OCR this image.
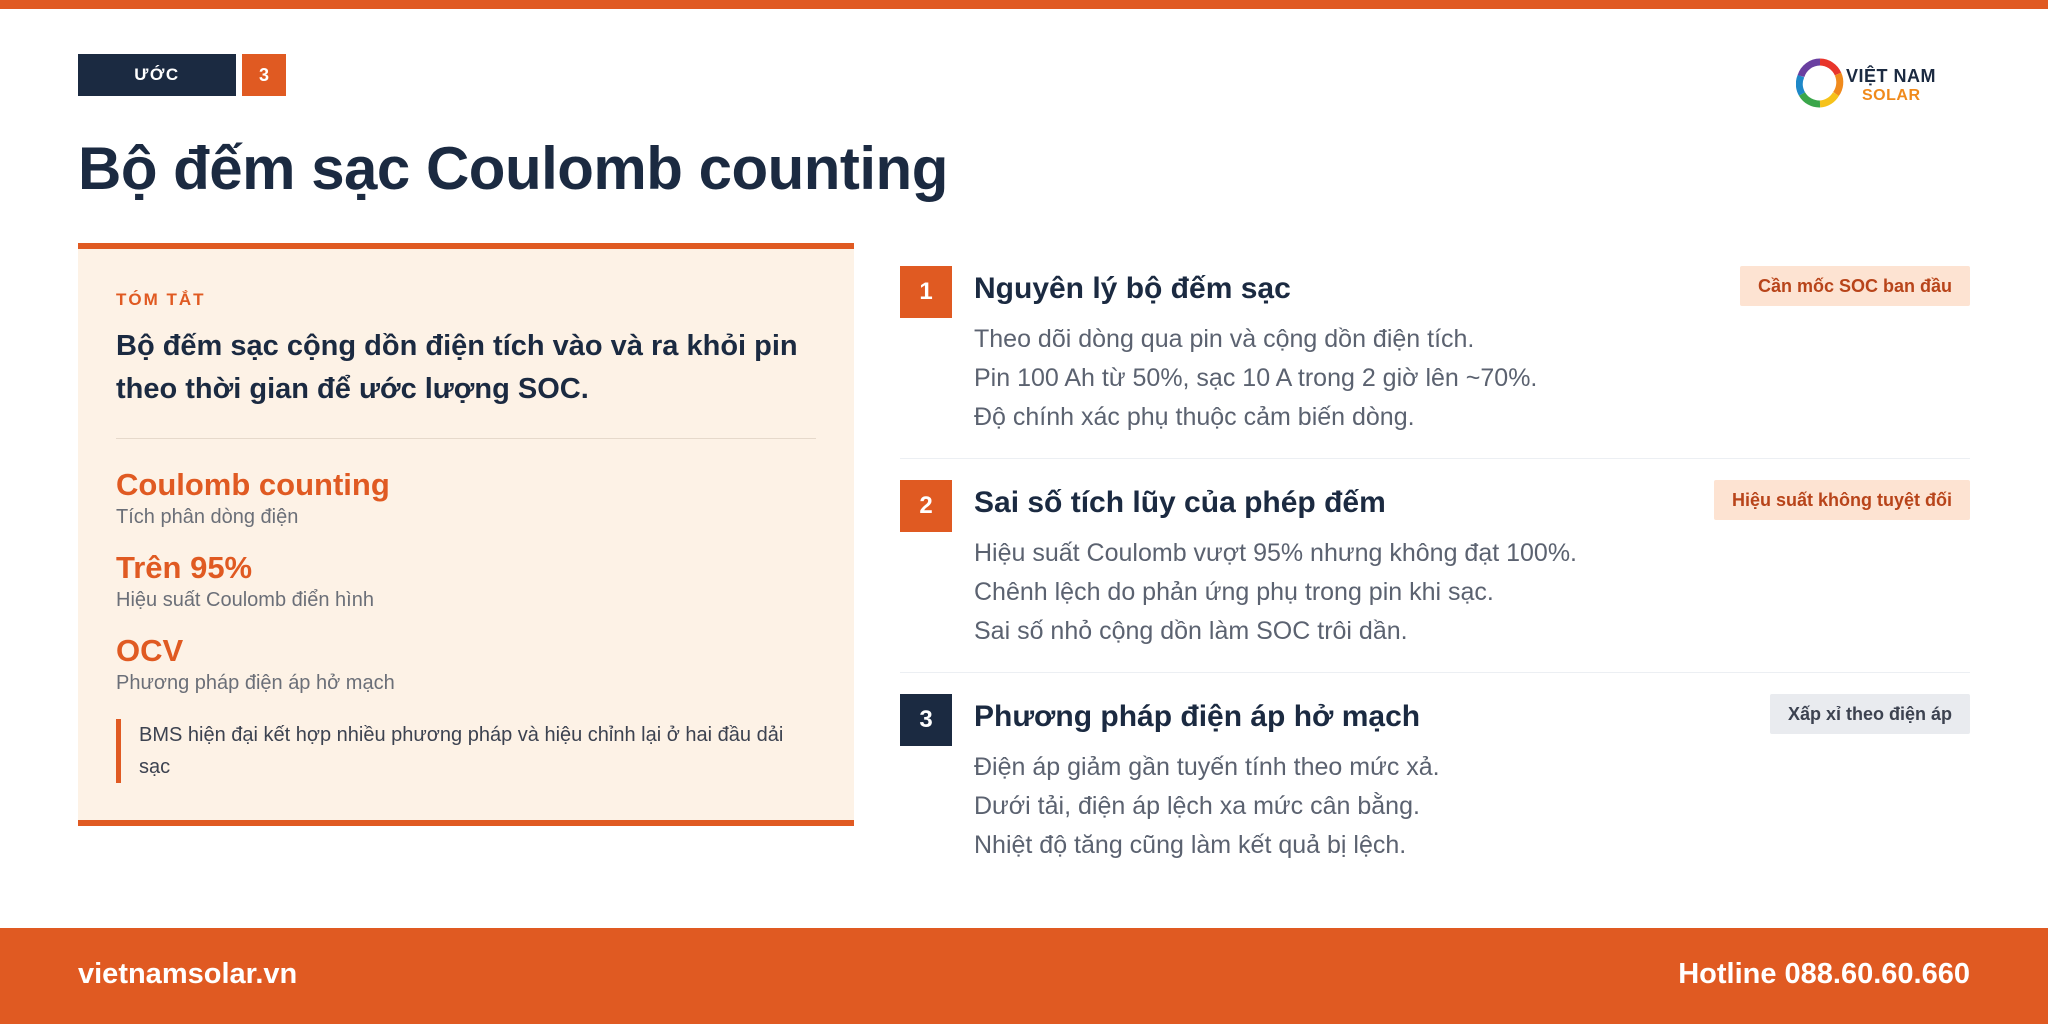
ƯỚC LƯỢNG
3	VIỆT NAM
SOLAR
Bộ đếm sạc Coulomb counting
TÓM TẮT
Bộ đếm sạc cộng dồn điện tích vào và ra khỏi pin theo thời gian để ước lượng SOC.
Coulomb counting
Tích phân dòng điện
Trên 95%
Hiệu suất Coulomb điển hình
OCV
Phương pháp điện áp hở mạch
BMS hiện đại kết hợp nhiều phương pháp và hiệu chỉnh lại ở hai đầu dải sạc
1	Nguyên lý bộ đếm sạc	Cần mốc SOC ban đầu
Theo dõi dòng qua pin và cộng dồn điện tích.
Pin 100 Ah từ 50%, sạc 10 A trong 2 giờ lên ~70%.
Độ chính xác phụ thuộc cảm biến dòng.
2	Sai số tích lũy của phép đếm	Hiệu suất không tuyệt đối
Hiệu suất Coulomb vượt 95% nhưng không đạt 100%.
Chênh lệch do phản ứng phụ trong pin khi sạc.
Sai số nhỏ cộng dồn làm SOC trôi dần.
3	Phương pháp điện áp hở mạch	Xấp xỉ theo điện áp
Điện áp giảm gần tuyến tính theo mức xả.
Dưới tải, điện áp lệch xa mức cân bằng.
Nhiệt độ tăng cũng làm kết quả bị lệch.
vietnamsolar.vn	Hotline 088.60.60.660
